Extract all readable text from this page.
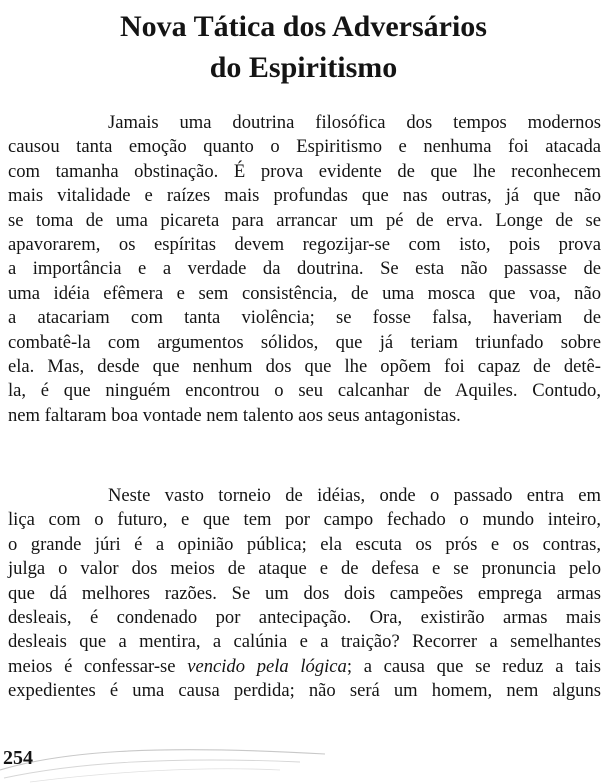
Nova Tática dos Adversários
do Espiritismo
Jamais uma doutrina filosófica dos tempos modernos
causou tanta emoção quanto o Espiritismo e nenhuma foi atacada
com tamanha obstinação. É prova evidente de que lhe reconhecem
mais vitalidade e raízes mais profundas que nas outras, já que não
se toma de uma picareta para arrancar um pé de erva. Longe de se
apavorarem, os espíritas devem regozijar-se com isto, pois prova
a importância e a verdade da doutrina. Se esta não passasse de
uma idéia efêmera e sem consistência, de uma mosca que voa, não
a atacariam com tanta violência; se fosse falsa, haveriam de
combatê-la com argumentos sólidos, que já teriam triunfado sobre
ela. Mas, desde que nenhum dos que lhe opõem foi capaz de detê-
la, é que ninguém encontrou o seu calcanhar de Aquiles. Contudo,
nem faltaram boa vontade nem talento aos seus antagonistas.
Neste vasto torneio de idéias, onde o passado entra em
liça com o futuro, e que tem por campo fechado o mundo inteiro,
o grande júri é a opinião pública; ela escuta os prós e os contras,
julga o valor dos meios de ataque e de defesa e se pronuncia pelo
que dá melhores razões. Se um dos dois campeões emprega armas
desleais, é condenado por antecipação. Ora, existirão armas mais
desleais que a mentira, a calúnia e a traição? Recorrer a semelhantes
meios é confessar-se vencido pela lógica; a causa que se reduz a tais
expedientes é uma causa perdida; não será um homem, nem alguns
254
